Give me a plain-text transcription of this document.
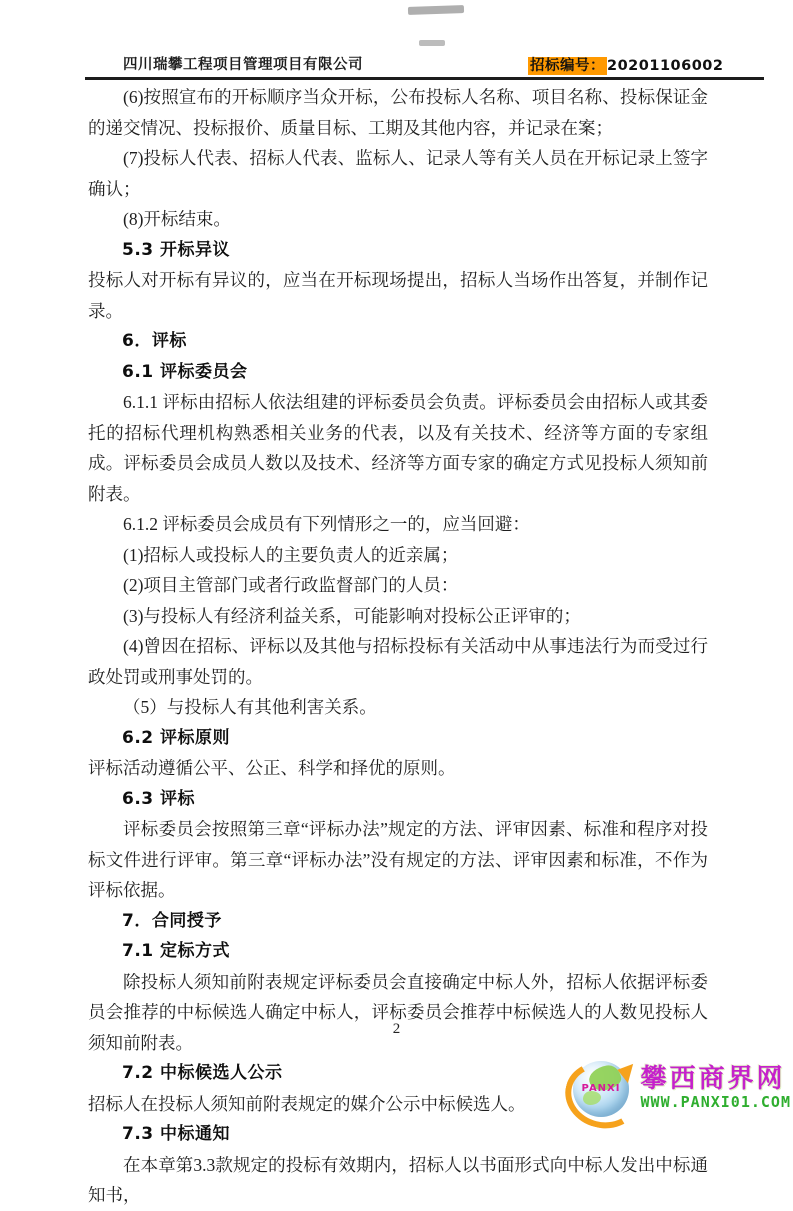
四川瑞攀工程项目管理项目有限公司	招标编号： 20201106002

(6)按照宣布的开标顺序当众开标，公布投标人名称、项目名称、投标保证金的递交情况、投标报价、质量目标、工期及其他内容，并记录在案；

(7)投标人代表、招标人代表、监标人、记录人等有关人员在开标记录上签字确认；

(8)开标结束。

5.3 开标异议

投标人对开标有异议的，应当在开标现场提出，招标人当场作出答复，并制作记录。

6．评标

6.1 评标委员会

6.1.1 评标由招标人依法组建的评标委员会负责。评标委员会由招标人或其委托的招标代理机构熟悉相关业务的代表，以及有关技术、经济等方面的专家组成。评标委员会成员人数以及技术、经济等方面专家的确定方式见投标人须知前附表。

6.1.2 评标委员会成员有下列情形之一的，应当回避：

(1)招标人或投标人的主要负责人的近亲属；

(2)项目主管部门或者行政监督部门的人员：

(3)与投标人有经济利益关系，可能影响对投标公正评审的；

(4)曾因在招标、评标以及其他与招标投标有关活动中从事违法行为而受过行政处罚或刑事处罚的。

（5）与投标人有其他利害关系。

6.2 评标原则

评标活动遵循公平、公正、科学和择优的原则。

6.3 评标

评标委员会按照第三章“评标办法”规定的方法、评审因素、标准和程序对投标文件进行评审。第三章“评标办法”没有规定的方法、评审因素和标准，不作为评标依据。

7．合同授予

7.1 定标方式

除投标人须知前附表规定评标委员会直接确定中标人外，招标人依据评标委员会推荐的中标候选人确定中标人，评标委员会推荐中标候选人的人数见投标人须知前附表。

7.2 中标候选人公示

招标人在投标人须知前附表规定的媒介公示中标候选人。

7.3 中标通知

在本章第3.3款规定的投标有效期内，招标人以书面形式向中标人发出中标通知书，

2
PANXI 攀西商界网
WWW.PANXI01.COM
